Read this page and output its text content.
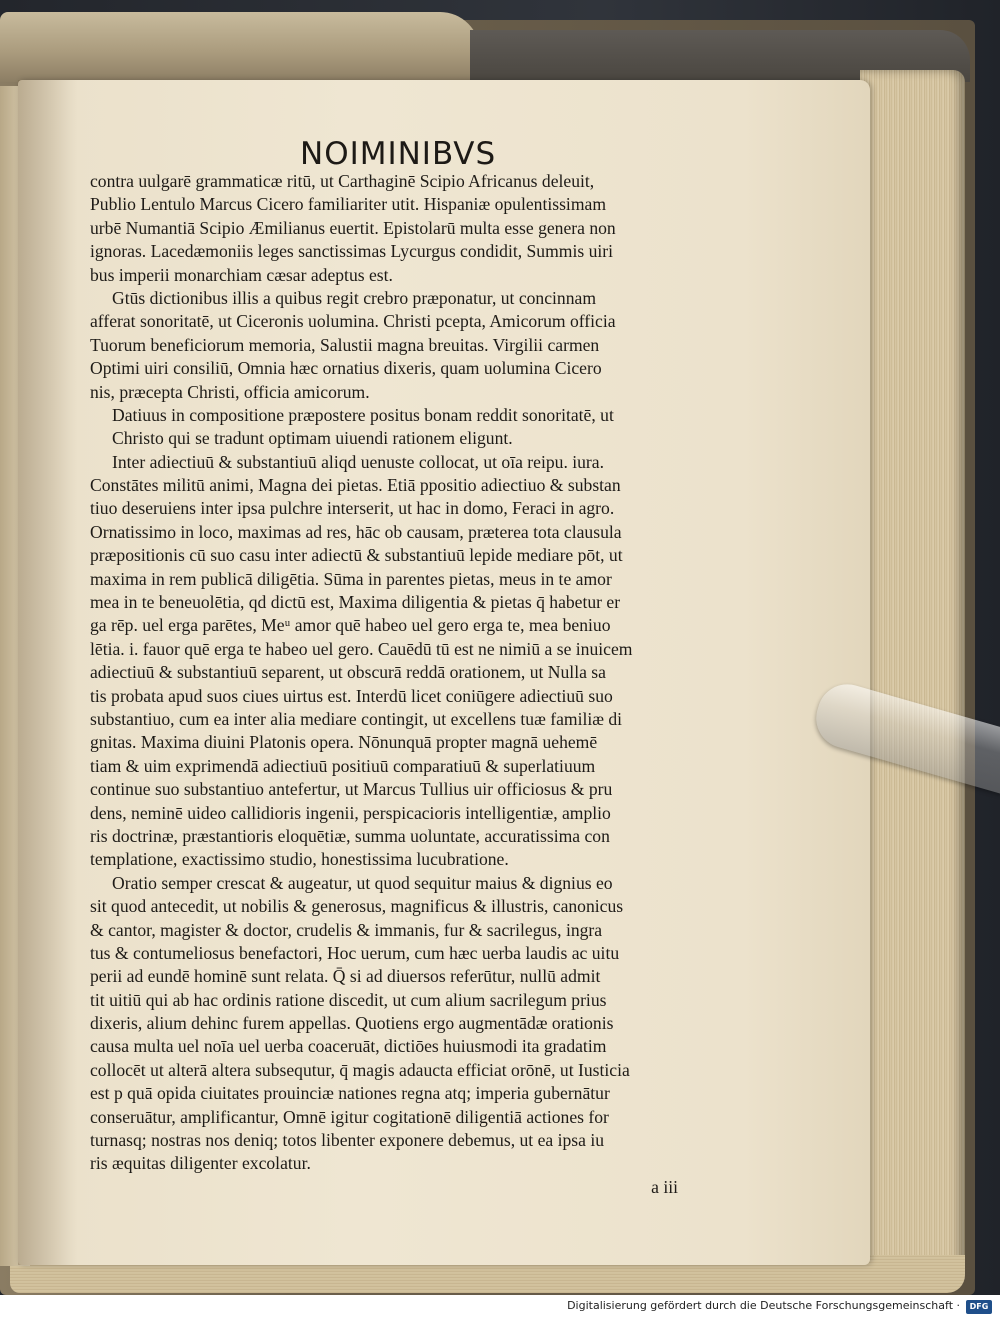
NOIMINIBVS
contra uulgarē grammaticæ ritū, ut Carthaginē Scipio Africanus deleuit,
Publio Lentulo Marcus Cicero familiariter utit. Hispaniæ opulentissimam
urbē Numantiā Scipio Æmilianus euertit. Epistolarū multa esse genera non
ignoras. Lacedæmoniis leges sanctissimas Lycurgus condidit, Summis uiri
bus imperii monarchiam cæsar adeptus est.
Gtūs dictionibus illis a quibus regit crebro præponatur, ut concinnam
afferat sonoritatē, ut Ciceronis uolumina. Christi pcepta, Amicorum officia
Tuorum beneficiorum memoria, Salustii magna breuitas. Virgilii carmen
Optimi uiri consiliū, Omnia hæc ornatius dixeris, quam uolumina Cicero
nis, præcepta Christi, officia amicorum.
Datiuus in compositione præpostere positus bonam reddit sonoritatē, ut
Christo qui se tradunt optimam uiuendi rationem eligunt.
Inter adiectiuū & substantiuū aliqd uenuste collocat, ut oīa reipu. iura.
Constātes militū animi, Magna dei pietas. Etiā ppositio adiectiuo & substan
tiuo deseruiens inter ipsa pulchre interserit, ut hac in domo, Feraci in agro.
Ornatissimo in loco, maximas ad res, hāc ob causam, præterea tota clausula
præpositionis cū suo casu inter adiectū & substantiuū lepide mediare pōt, ut
maxima in rem publicā diligētia. Sūma in parentes pietas, meus in te amor
mea in te beneuolētia, qd dictū est, Maxima diligentia & pietas q̄ habetur er
ga rēp. uel erga parētes, Meᵘ amor quē habeo uel gero erga te, mea beniuo
lētia. i. fauor quē erga te habeo uel gero. Cauēdū tū est ne nimiū a se inuicem
adiectiuū & substantiuū separent, ut obscurā reddā orationem, ut Nulla sa
tis probata apud suos ciues uirtus est. Interdū licet coniūgere adiectiuū suo
substantiuo, cum ea inter alia mediare contingit, ut excellens tuæ familiæ di
gnitas. Maxima diuini Platonis opera. Nōnunquā propter magnā uehemē
tiam & uim exprimendā adiectiuū positiuū comparatiuū & superlatiuum
continue suo substantiuo antefertur, ut Marcus Tullius uir officiosus & pru
dens, neminē uideo callidioris ingenii, perspicacioris intelligentiæ, amplio
ris doctrinæ, præstantioris eloquētiæ, summa uoluntate, accuratissima con
templatione, exactissimo studio, honestissima lucubratione.
Oratio semper crescat & augeatur, ut quod sequitur maius & dignius eo
sit quod antecedit, ut nobilis & generosus, magnificus & illustris, canonicus
& cantor, magister & doctor, crudelis & immanis, fur & sacrilegus, ingra
tus & contumeliosus benefactori, Hoc uerum, cum hæc uerba laudis ac uitu
perii ad eundē hominē sunt relata. Q̄ si ad diuersos referūtur, nullū admit
tit uitiū qui ab hac ordinis ratione discedit, ut cum alium sacrilegum prius
dixeris, alium dehinc furem appellas. Quotiens ergo augmentādæ orationis
causa multa uel noīa uel uerba coaceruāt, dictiōes huiusmodi ita gradatim
collocēt ut alterā altera subsequtur, q̄ magis adaucta efficiat orōnē, ut Iusticia
est p quā opida ciuitates prouinciæ nationes regna atq; imperia gubernātur
conseruātur, amplificantur, Omnē igitur cogitationē diligentiā actiones for
turnasq; nostras nos deniq; totos libenter exponere debemus, ut ea ipsa iu
ris æquitas diligenter excolatur.
a iii
Digitalisierung gefördert durch die Deutsche Forschungsgemeinschaft ·	DFG
